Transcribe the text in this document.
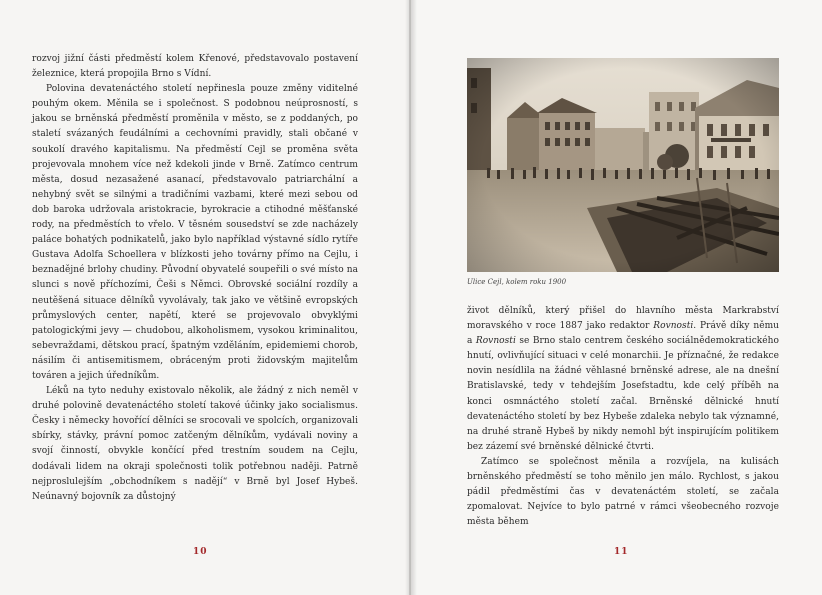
rozvoj jižní části předměstí kolem Křenové, představovalo postavení železnice, která propojila Brno s Vídní.

Polovina devatenáctého století nepřinesla pouze změny viditelné pouhým okem. Měnila se i společnost. S podobnou neúprosností, s jakou se brněnská předměstí proměnila v město, se z poddaných, po staletí svázaných feudálními a cechovními pravidly, stali občané v soukolí dravého kapitalismu. Na předměstí Cejl se proměna světa projevovala mnohem více než kdekoli jinde v Brně. Zatímco centrum města, dosud nezasažené asanací, představovalo patriarchální a nehybný svět se silnými a tradičními vazbami, které mezi sebou od dob baroka udržovala aristokracie, byrokracie a ctihodné měšťanské rody, na předměstích to vřelo. V těsném sousedství se zde nacházely paláce bohatých podnikatelů, jako bylo například výstavné sídlo rytíře Gustava Adolfa Schoellera v blízkosti jeho továrny přímo na Cejlu, i beznadějné brlohy chudiny. Původní obyvatelé soupeřili o své místo na slunci s nově příchozími, Češi s Němci. Obrovské sociální rozdíly a neutěšená situace dělníků vyvolávaly, tak jako ve většině evropských průmyslových center, napětí, které se projevovalo obvyklými patologickými jevy — chudobou, alkoholismem, vysokou kriminalitou, sebevraždami, dětskou prací, špatným vzděláním, epidemiemi chorob, násilím či antisemitismem, obráceným proti židovským majitelům továren a jejich úředníkům.

Léků na tyto neduhy existovalo několik, ale žádný z nich neměl v druhé polovině devatenáctého století takové účinky jako socialismus. Česky i německy hovořící dělníci se srocovali ve spolcích, organizovali sbírky, stávky, právní pomoc zatčeným dělníkům, vydávali noviny a svojí činností, obvykle končící před trestním soudem na Cejlu, dodávali lidem na okraji společnosti tolik potřebnou naději. Patrně nejproslulejším „obchodníkem s nadějí“ v Brně byl Josef Hybeš. Neúnavný bojovník za důstojný

10
Ulice Cejl, kolem roku 1900

život dělníků, který přišel do hlavního města Markrabství moravského v roce 1887 jako redaktor Rovnosti. Právě díky němu a Rovnosti se Brno stalo centrem českého sociálnědemokratického hnutí, ovlivňující situaci v celé monarchii. Je příznačné, že redakce novin nesídlila na žádné věhlasné brněnské adrese, ale na dnešní Bratislavské, tedy v tehdejším Josefstadtu, kde celý příběh na konci osmnáctého století začal. Brněnské dělnické hnutí devatenáctého století by bez Hybeše zdaleka nebylo tak významné, na druhé straně Hybeš by nikdy nemohl být inspirujícím politikem bez zázemí své brněnské dělnické čtvrti.

Zatímco se společnost měnila a rozvíjela, na kulisách brněnského předměstí se toho měnilo jen málo. Rychlost, s jakou pádil předměstími čas v devatenáctém století, se začala zpomalovat. Nejvíce to bylo patrné v rámci všeobecného rozvoje města během

11
